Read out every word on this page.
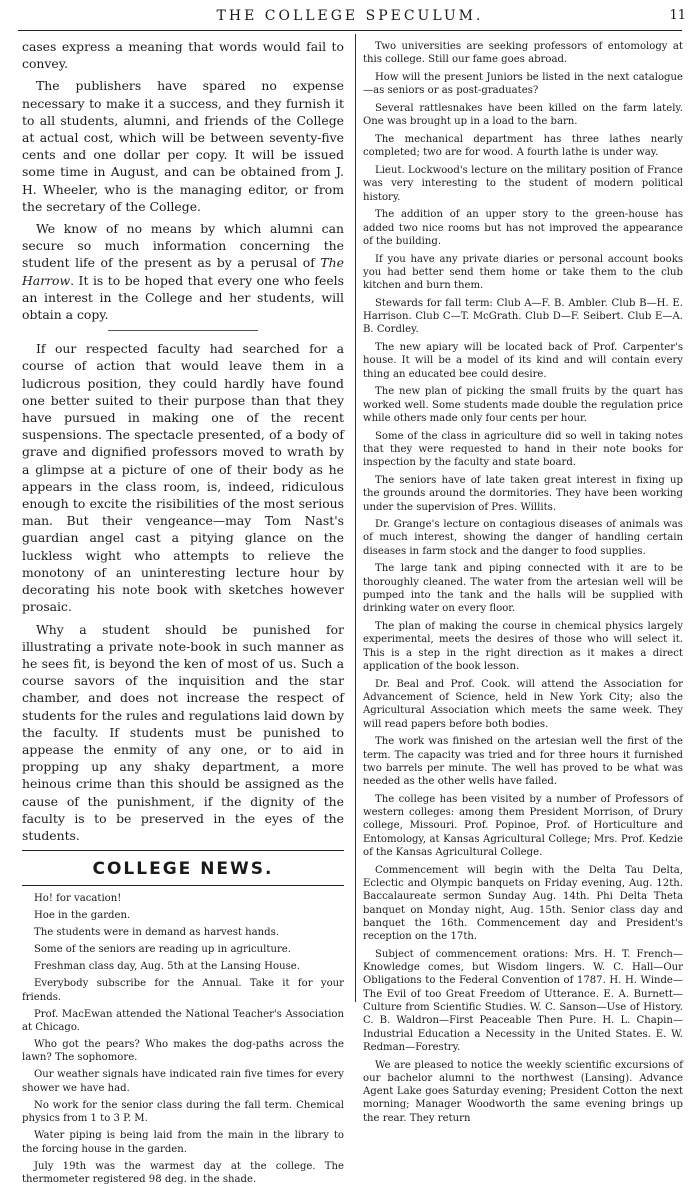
THE COLLEGE SPECULUM.	11

cases express a meaning that words would fail to convey.

The publishers have spared no expense necessary to make it a success, and they furnish it to all students, alumni, and friends of the College at actual cost, which will be between seventy-five cents and one dollar per copy. It will be issued some time in August, and can be obtained from J. H. Wheeler, who is the managing editor, or from the secretary of the College.

We know of no means by which alumni can secure so much information concerning the student life of the present as by a perusal of The Harrow. It is to be hoped that every one who feels an interest in the College and her students, will obtain a copy.

If our respected faculty had searched for a course of action that would leave them in a ludicrous position, they could hardly have found one better suited to their purpose than that they have pursued in making one of the recent suspensions. The spectacle presented, of a body of grave and dignified professors moved to wrath by a glimpse at a picture of one of their body as he appears in the class room, is, indeed, ridiculous enough to excite the risibilities of the most serious man. But their vengeance—may Tom Nast's guardian angel cast a pitying glance on the luckless wight who attempts to relieve the monotony of an uninteresting lecture hour by decorating his note book with sketches however prosaic.

Why a student should be punished for illustrating a private note-book in such manner as he sees fit, is beyond the ken of most of us. Such a course savors of the inquisition and the star chamber, and does not increase the respect of students for the rules and regulations laid down by the faculty. If students must be punished to appease the enmity of any one, or to aid in propping up any shaky department, a more heinous crime than this should be assigned as the cause of the punishment, if the dignity of the faculty is to be preserved in the eyes of the students.

COLLEGE NEWS.

Ho! for vacation!

Hoe in the garden.

The students were in demand as harvest hands.

Some of the seniors are reading up in agriculture.

Freshman class day, Aug. 5th at the Lansing House.

Everybody subscribe for the Annual. Take it for your friends.

Prof. MacEwan attended the National Teacher's Association at Chicago.

Who got the pears? Who makes the dog-paths across the lawn? The sophomore.

Our weather signals have indicated rain five times for every shower we have had.

No work for the senior class during the fall term. Chemical physics from 1 to 3 P. M.

Water piping is being laid from the main in the library to the forcing house in the garden.

July 19th was the warmest day at the college. The thermometer registered 98 deg. in the shade.

Two universities are seeking professors of entomology at this college. Still our fame goes abroad.

How will the present Juniors be listed in the next catalogue—as seniors or as post-graduates?

Several rattlesnakes have been killed on the farm lately. One was brought up in a load to the barn.

The mechanical department has three lathes nearly completed; two are for wood. A fourth lathe is under way.

Lieut. Lockwood's lecture on the military position of France was very interesting to the student of modern political history.

The addition of an upper story to the green-house has added two nice rooms but has not improved the appearance of the building.

If you have any private diaries or personal account books you had better send them home or take them to the club kitchen and burn them.

Stewards for fall term: Club A—F. B. Ambler. Club B—H. E. Harrison. Club C—T. McGrath. Club D—F. Seibert. Club E—A. B. Cordley.

The new apiary will be located back of Prof. Carpenter's house. It will be a model of its kind and will contain every thing an educated bee could desire.

The new plan of picking the small fruits by the quart has worked well. Some students made double the regulation price while others made only four cents per hour.

Some of the class in agriculture did so well in taking notes that they were requested to hand in their note books for inspection by the faculty and state board.

The seniors have of late taken great interest in fixing up the grounds around the dormitories. They have been working under the supervision of Pres. Willits.

Dr. Grange's lecture on contagious diseases of animals was of much interest, showing the danger of handling certain diseases in farm stock and the danger to food supplies.

The large tank and piping connected with it are to be thoroughly cleaned. The water from the artesian well will be pumped into the tank and the halls will be supplied with drinking water on every floor.

The plan of making the course in chemical physics largely experimental, meets the desires of those who will select it. This is a step in the right direction as it makes a direct application of the book lesson.

Dr. Beal and Prof. Cook. will attend the Association for Advancement of Science, held in New York City; also the Agricultural Association which meets the same week. They will read papers before both bodies.

The work was finished on the artesian well the first of the term. The capacity was tried and for three hours it furnished two barrels per minute. The well has proved to be what was needed as the other wells have failed.

The college has been visited by a number of Professors of western colleges: among them President Morrison, of Drury college, Missouri. Prof. Popinoe, Prof. of Horticulture and Entomology, at Kansas Agricultural College; Mrs. Prof. Kedzie of the Kansas Agricultural College.

Commencement will begin with the Delta Tau Delta, Eclectic and Olympic banquets on Friday evening, Aug. 12th. Baccalaureate sermon Sunday Aug. 14th. Phi Delta Theta banquet on Monday night, Aug. 15th. Senior class day and banquet the 16th. Commencement day and President's reception on the 17th.

Subject of commencement orations: Mrs. H. T. French—Knowledge comes, but Wisdom lingers. W. C. Hall—Our Obligations to the Federal Convention of 1787. H. H. Winde—The Evil of too Great Freedom of Utterance. E. A. Burnett—Culture from Scientific Studies. W. C. Sanson—Use of History. C. B. Waldron—First Peaceable Then Pure. H. L. Chapin—Industrial Education a Necessity in the United States. E. W. Redman—Forestry.

We are pleased to notice the weekly scientific excursions of our bachelor alumni to the northwest (Lansing). Advance Agent Lake goes Saturday evening; President Cotton the next morning; Manager Woodworth the same evening brings up the rear. They return
